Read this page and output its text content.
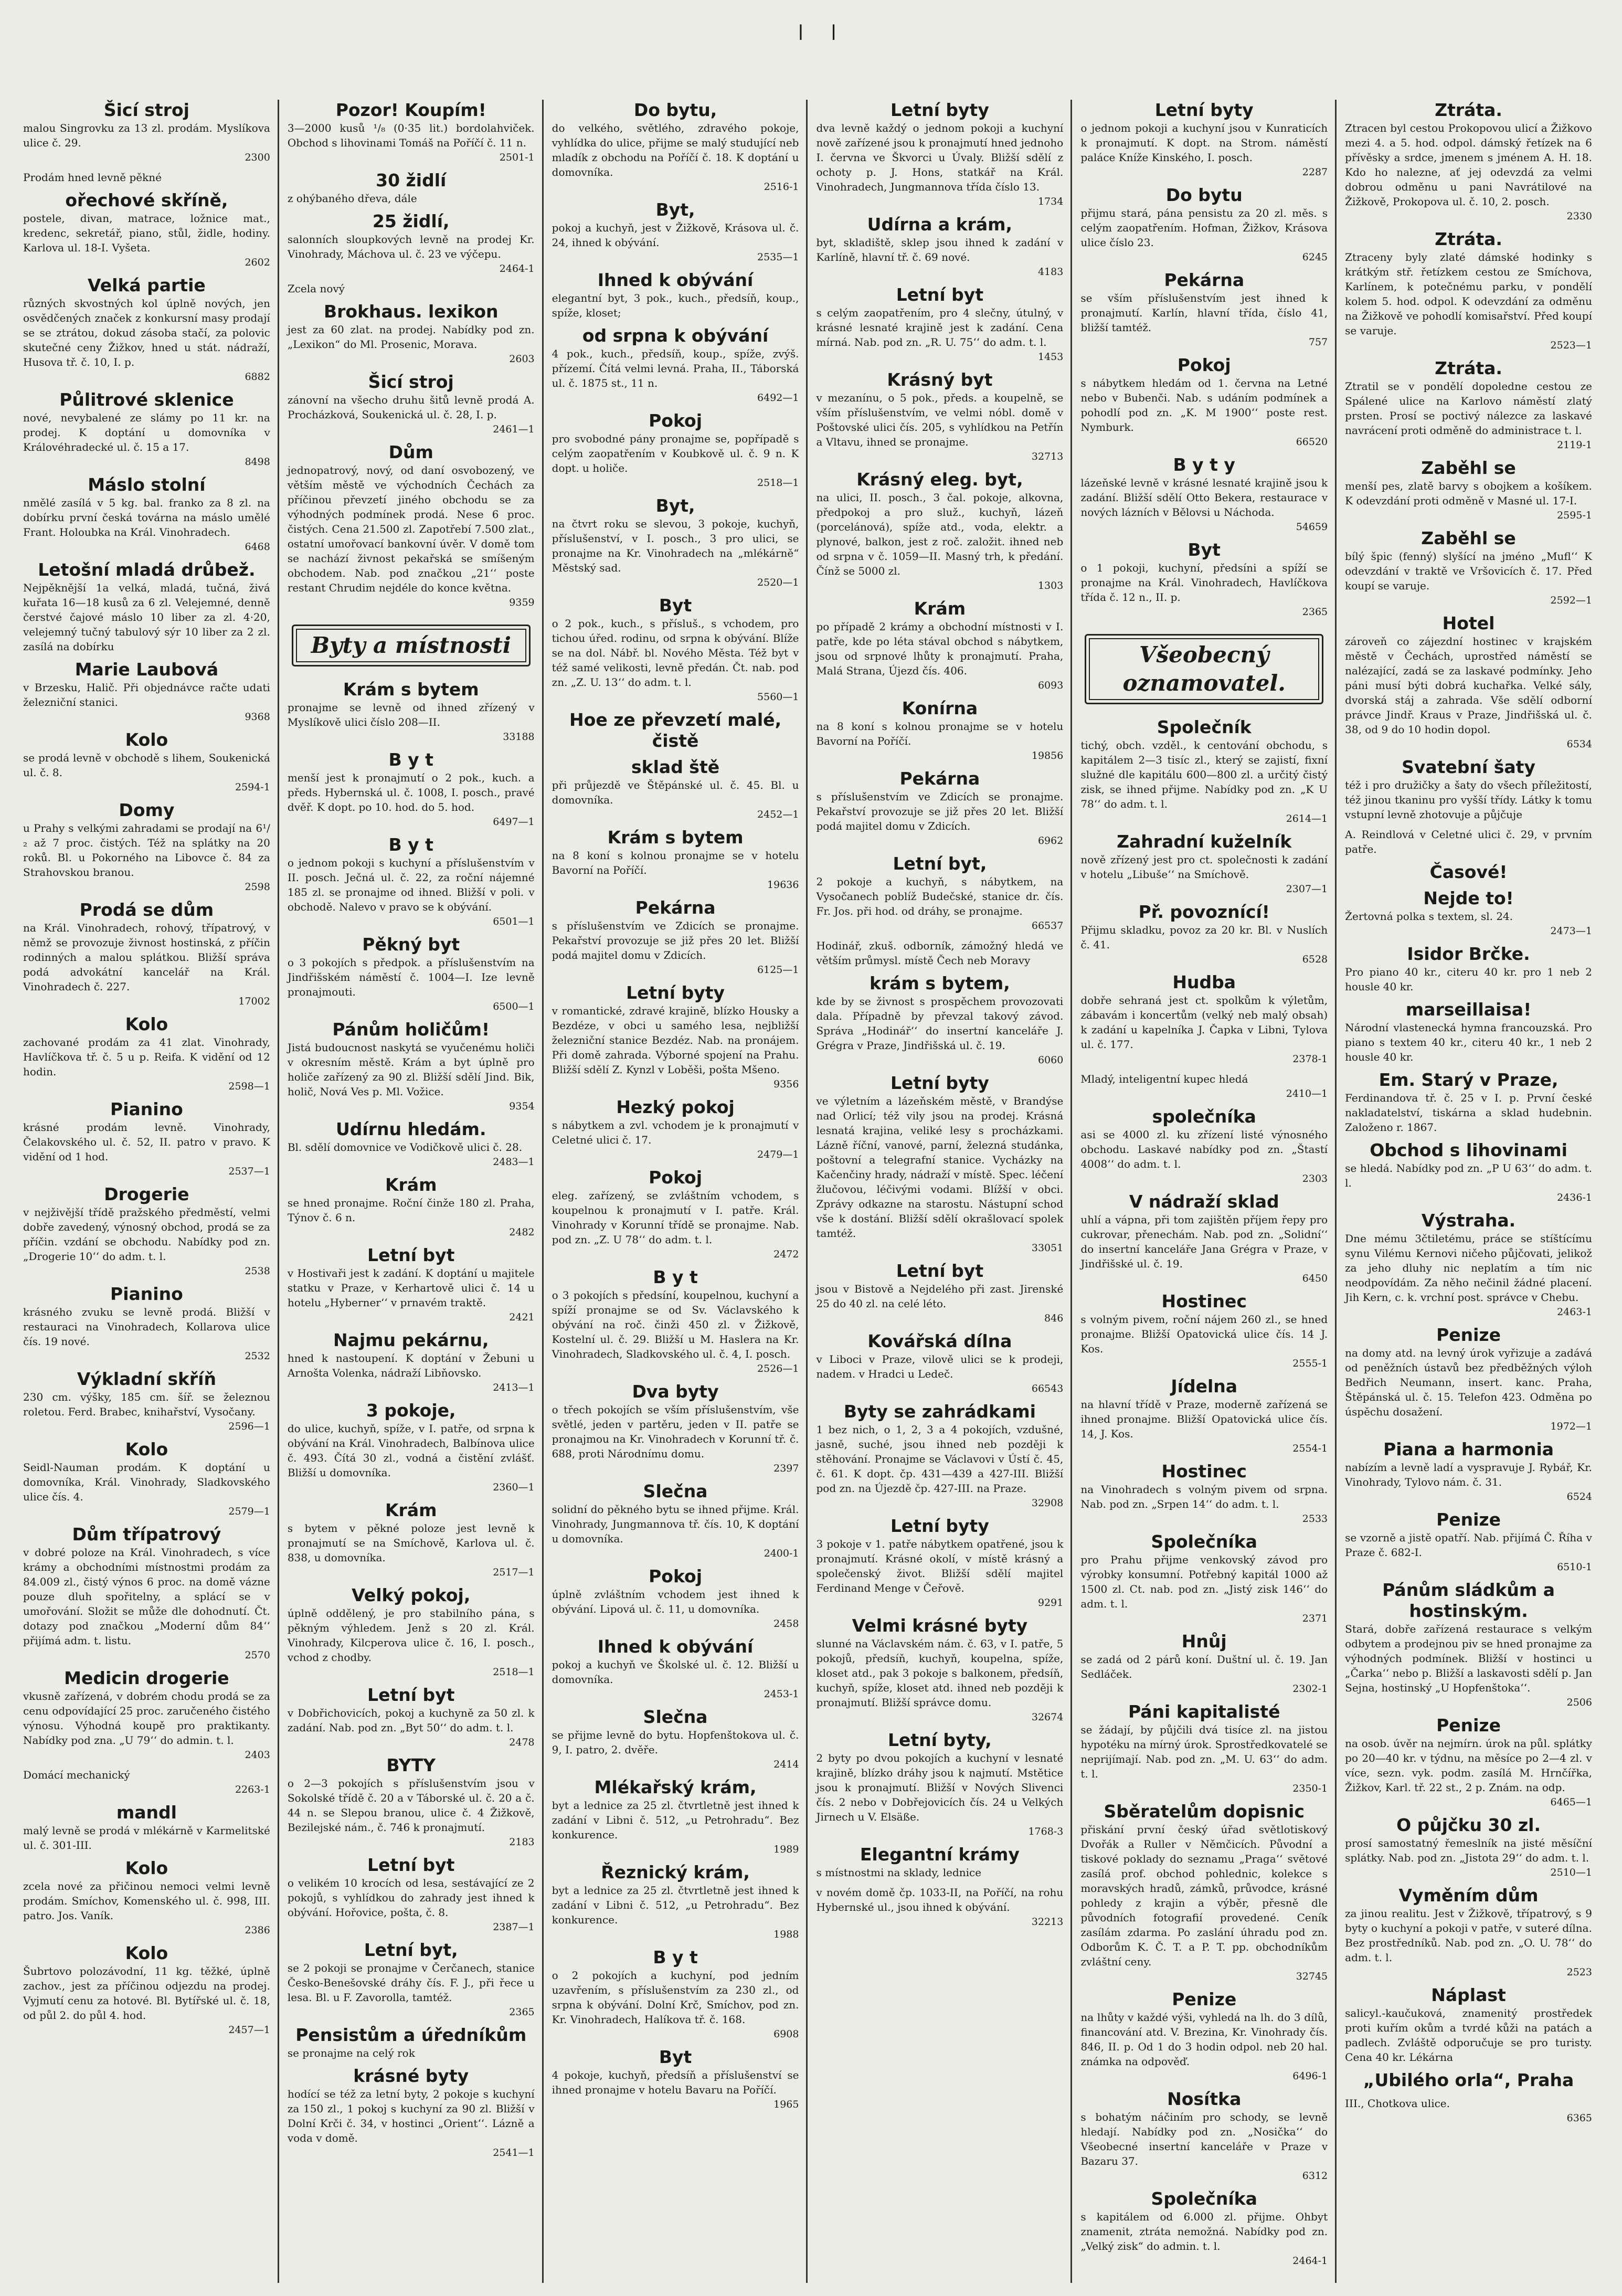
ǀ    ǀ
Šicí stroj
malou Singrovku za 13 zl. prodám. Myslíkova ulice č. 29.
2300
Prodám hned levně pěkné
ořechové skříně,
postele, divan, matrace, ložnice mat., kredenc, sekretář, piano, stůl, židle, hodiny. Karlova ul. 18-I. Vyšeta.
2602
Velká partie
různých skvostných kol úplně nových, jen osvědčených značek z konkursní masy prodají se se ztrátou, dokud zásoba stačí, za polovic skutečné ceny Žižkov, hned u stát. nádraží, Husova tř. č. 10, I. p.
6882
Půlitrové sklenice
nové, nevybalené ze slámy po 11 kr. na prodej. K doptání u domovníka v Královéhradecké ul. č. 15 a 17.
8498
Máslo stolní
nmělé zasílá v 5 kg. bal. franko za 8 zl. na dobírku první česká továrna na máslo umělé Frant. Holoubka na Král. Vinohradech.
6468
Letošní mladá drůbež.
Nejpěknější 1a velká, mladá, tučná, živá kuřata 16—18 kusů za 6 zl. Velejemné, denně čerstvé čajové máslo 10 liber za zl. 4·20, velejemný tučný tabulový sýr 10 liber za 2 zl. zasílá na dobírku
Marie Laubová
v Brzesku, Halič. Při objednávce račte udati železniční stanici.
9368
Kolo
se prodá levně v obchodě s lihem, Soukenická ul. č. 8.
2594-1
Domy
u Prahy s velkými zahradami se prodají na 6¹/₂ až 7 proc. čistých. Též na splátky na 20 roků. Bl. u Pokorného na Libovce č. 84 za Strahovskou branou.
2598
Prodá se dům
na Král. Vinohradech, rohový, třípatrový, v němž se provozuje živnost hostinská, z příčin rodinných a malou splátkou. Bližší správa podá advokátní kancelář na Král. Vinohradech č. 227.
17002
Kolo
zachované prodám za 41 zlat. Vinohrady, Havlíčkova tř. č. 5 u p. Reifa. K vidění od 12 hodin.
2598—1
Pianino
krásné prodám levně. Vinohrady, Čelakovského ul. č. 52, II. patro v pravo. K vidění od 1 hod.
2537—1
Drogerie
v nejživější třídě pražského předměstí, velmi dobře zavedený, výnosný obchod, prodá se za příčin. vzdání se obchodu. Nabídky pod zn. „Drogerie 10ʻʻ do adm. t. l.
2538
Pianino
krásného zvuku se levně prodá. Bližší v restauraci na Vinohradech, Kollarova ulice čís. 19 nové.
2532
Výkladní skříň
230 cm. výšky, 185 cm. šíř. se železnou roletou. Ferd. Brabec, knihařství, Vysočany.
2596—1
Kolo
Seidl-Nauman prodám. K doptání u domovníka, Král. Vinohrady, Sladkovského ulice čís. 4.
2579—1
Dům třípatrový
v dobré poloze na Král. Vinohradech, s více krámy a obchodními místnostmi prodám za 84.009 zl., čistý výnos 6 proc. na domě vázne pouze dluh spořitelny, a splácí se v umořování. Složit se může dle dohodnutí. Čt. dotazy pod značkou „Moderní dům 84ʻʻ přijímá adm. t. listu.
2570
Medicin drogerie
vkusně zařízená, v dobrém chodu prodá se za cenu odpovídající 25 proc. zaručeného čistého výnosu. Výhodná koupě pro praktikanty. Nabídky pod zna. „U 79ʻʻ do admin. t. l.
2403
Domácí mechanický
2263-1
mandl
malý levně se prodá v mlékárně v Karmelitské ul. č. 301-III.
Kolo
zcela nové za přičinou nemoci velmi levně prodám. Smíchov, Komenského ul. č. 998, III. patro. Jos. Vaník.
2386
Kolo
Šubrtovo polozávodní, 11 kg. těžké, úplně zachov., jest za příčinou odjezdu na prodej. Vyjmutí cenu za hotové. Bl. Bytířské ul. č. 18, od půl 2. do půl 4. hod.
2457—1
Pozor! Koupím!
3—2000 kusů ¹/₈ (0·35 lit.) bordolahviček. Obchod s lihovinami Tomáš na Poříčí č. 11 n.
2501-1
30 židlí
z ohýbaného dřeva, dále
25 židlí,
salonních sloupkových levně na prodej Kr. Vinohrady, Máchova ul. č. 23 ve výčepu.
2464-1
Zcela nový
Brokhaus. lexikon
jest za 60 zlat. na prodej. Nabídky pod zn. „Lexikon“ do Ml. Prosenic, Morava.
2603
Šicí stroj
zánovní na všecho druhu šitů levně prodá A. Procházková, Soukenická ul. č. 28, I. p.
2461—1
Dům
jednopatrový, nový, od daní osvobozený, ve větším městě ve východních Čechách za příčinou převzetí jiného obchodu se za výhodných podmínek prodá. Nese 6 proc. čistých. Cena 21.500 zl. Zapotřebí 7.500 zlat., ostatní umořovací bankovní úvěr. V domě tom se nachází živnost pekařská se smíšeným obchodem. Nab. pod značkou „21ʻʻ poste restant Chrudim nejdéle do konce května.
9359
Byty a místnosti
Krám s bytem
pronajme se levně od ihned zřízený v Myslíkově ulici číslo 208—II.
33188
B y t
menší jest k pronajmutí o 2 pok., kuch. a předs. Hybernská ul. č. 1008, I. posch., pravé dvěř. K dopt. po 10. hod. do 5. hod.
6497—1
B y t
o jednom pokoji s kuchyní a příslušenstvím v II. posch. Ječná ul. č. 22, za roční nájemné 185 zl. se pronajme od ihned. Bližší v poli. v obchodě. Nalevo v pravo se k obývání.
6501—1
Pěkný byt
o 3 pokojích s předpok. a příslušenstvím na Jindřišském náměstí č. 1004—I. Ize levně pronajmouti.
6500—1
Pánům holičům!
Jistá budoucnost naskytá se vyučenému holiči v okresním městě. Krám a byt úplně pro holiče zařízený za 90 zl. Bližší sdělí Jind. Bik, holič, Nová Ves p. Ml. Vožice.
9354
Udírnu hledám.
Bl. sdělí domovnice ve Vodičkově ulici č. 28.
2483—1
Krám
se hned pronajme. Roční činže 180 zl. Praha, Týnov č. 6 n.
2482
Letní byt
v Hostivaři jest k zadání. K doptání u majitele statku v Praze, v Kerhartově ulici č. 14 u hotelu „Hybernerʻʻ v prnavém traktě.
2421
Najmu pekárnu,
hned k nastoupení. K doptání v Žebuni u Arnošta Volenka, nádraží Libňovsko.
2413—1
3 pokoje,
do ulice, kuchyň, spíže, v I. patře, od srpna k obývání na Král. Vinohradech, Balbínova ulice č. 493. Čítá 30 zl., vodná a čistění zvlášť. Bližší u domovníka.
2360—1
Krám
s bytem v pěkné poloze jest levně k pronajmutí se na Smíchově, Karlova ul. č. 838, u domovníka.
2517—1
Velký pokoj,
úplně oddělený, je pro stabilního pána, s pěkným výhledem. Jenž s 20 zl. Král. Vinohrady, Kilcperova ulice č. 16, I. posch., vchod z chodby.
2518—1
Letní byt
v Dobřichovicích, pokoj a kuchyně za 50 zl. k zadání. Nab. pod zn. „Byt 50ʻʻ do adm. t. l.
2478
BYTY
o 2—3 pokojích s příslušenstvím jsou v Sokolské třídě č. 20 a v Táborské ul. č. 20 a č. 44 n. se Slepou branou, ulice č. 4 Žižkově, Bezilejské nám., č. 746 k pronajmutí.
2183
Letní byt
o velikém 10 krocích od lesa, sestávající ze 2 pokojů, s vyhlídkou do zahrady jest ihned k obývání. Hořovice, pošta, č. 8.
2387—1
Letní byt,
se 2 pokoji se pronajme v Čerčanech, stanice Česko-Benešovské dráhy čís. F. J., při řece u lesa. Bl. u F. Zavorolla, tamtéž.
2365
Pensistům a úředníkům
se pronajme na celý rok
krásné byty
hodící se též za letní byty, 2 pokoje s kuchyní za 150 zl., 1 pokoj s kuchyní za 90 zl. Bližší v Dolní Krči č. 34, v hostinci „Orientʻʻ. Lázně a voda v domě.
2541—1
Do bytu,
do velkého, světlého, zdravého pokoje, vyhlídka do ulice, přijme se malý studující neb mladík z obchodu na Poříčí č. 18. K doptání u domovníka.
2516-1
Byt,
pokoj a kuchyň, jest v Žižkově, Krásova ul. č. 24, ihned k obývání.
2535—1
Ihned k obývání
elegantní byt, 3 pok., kuch., předsíň, koup., spíže, kloset;
od srpna k obývání
4 pok., kuch., předsíň, koup., spíže, zvýš. přízemí. Čítá velmi levná. Praha, II., Táborská ul. č. 1875 st., 11 n.
6492—1
Pokoj
pro svobodné pány pronajme se, popřípadě s celým zaopatřením v Koubkově ul. č. 9 n. K dopt. u holiče.
2518—1
Byt,
na čtvrt roku se slevou, 3 pokoje, kuchyň, příslušenství, v I. posch., 3 pro ulici, se pronajme na Kr. Vinohradech na „mlékárně“ Městský sad.
2520—1
Byt
o 2 pok., kuch., s přísluš., s vchodem, pro tichou úřed. rodinu, od srpna k obývání. Blíže se na dol. Nábř. bl. Nového Města. Též byt v též samé velikosti, levně předán. Čt. nab. pod zn. „Z. U. 13ʻʻ do adm. t. l.
5560—1
Hoe ze převzetí malé, čistě
sklad ště
při průjezdě ve Štěpánské ul. č. 45. Bl. u domovníka.
2452—1
Krám s bytem
na 8 koní s kolnou pronajme se v hotelu Bavorní na Poříčí.
19636
Pekárna
s příslušenstvím ve Zdicích se pronajme. Pekařství provozuje se již přes 20 let. Bližší podá majitel domu v Zdicích.
6125—1
Letní byty
v romantické, zdravé krajině, blízko Housky a Bezdéze, v obci u samého lesa, nejbližší železniční stanice Bezdéz. Nab. na pronájem. Při domě zahrada. Výborné spojení na Prahu. Bližší sdělí Z. Kynzl v Loběši, pošta Mšeno.
9356
Hezký pokoj
s nábytkem a zvl. vchodem je k pronajmutí v Celetné ulici č. 17.
2479—1
Pokoj
eleg. zařízený, se zvláštním vchodem, s koupelnou k pronajmutí v I. patře. Král. Vinohrady v Korunní třídě se pronajme. Nab. pod zn. „Z. U 78ʻʻ do adm. t. l.
2472
B y t
o 3 pokojích s předsíní, koupelnou, kuchyní a spíží pronajme se od Sv. Václavského k obývání na roč. činži 450 zl. v Žižkově, Kostelní ul. č. 29. Bližší u M. Haslera na Kr. Vinohradech, Sladkovského ul. č. 4, I. posch.
2526—1
Dva byty
o třech pokojích se vším příslušenstvím, vše světlé, jeden v partěru, jeden v II. patře se pronajmou na Kr. Vinohradech v Korunní tř. č. 688, proti Národnímu domu.
2397
Slečna
solidní do pěkného bytu se ihned přijme. Král. Vinohrady, Jungmannova tř. čís. 10, K doptání u domovníka.
2400-1
Pokoj
úplně zvláštním vchodem jest ihned k obývání. Lipová ul. č. 11, u domovníka.
2458
Ihned k obývání
pokoj a kuchyň ve Školské ul. č. 12. Bližší u domovníka.
2453-1
Slečna
se přijme levně do bytu. Hopfenštokova ul. č. 9, I. patro, 2. dvěře.
2414
Mlékařský krám,
byt a lednice za 25 zl. čtvrtletně jest ihned k zadání v Libni č. 512, „u Petrohradu“. Bez konkurence.
1989
Řeznický krám,
byt a lednice za 25 zl. čtvrtletně jest ihned k zadání v Libni č. 512, „u Petrohradu“. Bez konkurence.
1988
B y t
o 2 pokojích a kuchyní, pod jedním uzavřením, s příslušenstvím za 230 zl., od srpna k obývání. Dolní Krč, Smíchov, pod zn. Kr. Vinohradech, Halíkova tř. č. 168.
6908
Byt
4 pokoje, kuchyň, předsíň a příslušenství se ihned pronajme v hotelu Bavaru na Poříčí.
1965
Letní byty
dva levně každý o jednom pokoji a kuchyní nově zařízené jsou k pronajmutí hned jednoho I. června ve Škvorci u Úvaly. Bližší sdělí z ochoty p. J. Hons, statkář na Král. Vinohradech, Jungmannova třída číslo 13.
1734
Udírna a krám,
byt, skladiště, sklep jsou ihned k zadání v Karlíně, hlavní tř. č. 69 nové.
4183
Letní byt
s celým zaopatřením, pro 4 slečny, útulný, v krásné lesnaté krajině jest k zadání. Cena mírná. Nab. pod zn. „R. U. 75ʻʻ do adm. t. l.
1453
Krásný byt
v mezanínu, o 5 pok., předs. a koupelně, se vším příslušenstvím, ve velmi nóbl. domě v Poštovské ulici čís. 205, s vyhlídkou na Petřín a Vltavu, ihned se pronajme.
32713
Krásný eleg. byt,
na ulici, II. posch., 3 čal. pokoje, alkovna, předpokoj a pro služ., kuchyň, lázeň (porcelánová), spíže atd., voda, elektr. a plynové, balkon, jest z roč. založit. ihned neb od srpna v č. 1059—II. Masný trh, k předání. Čínž se 5000 zl.
1303
Krám
po případě 2 krámy a obchodní místnosti v I. patře, kde po léta stával obchod s nábytkem, jsou od srpnové lhůty k pronajmutí. Praha, Malá Strana, Újezd čís. 406.
6093
Konírna
na 8 koní s kolnou pronajme se v hotelu Bavorní na Poříčí.
19856
Pekárna
s příslušenstvím ve Zdicích se pronajme. Pekařství provozuje se již přes 20 let. Bližší podá majitel domu v Zdicích.
6962
Letní byt,
2 pokoje a kuchyň, s nábytkem, na Vysočanech poblíž Budečské, stanice dr. čís. Fr. Jos. při hod. od dráhy, se pronajme.
66537
Hodinář, zkuš. odborník, zámožný hledá ve větším průmysl. místě Čech neb Moravy
krám s bytem,
kde by se živnost s prospěchem provozovati dala. Případně by převzal takový závod. Správa „Hodinářʻʻ do insertní kanceláře J. Grégra v Praze, Jindřišská ul. č. 19.
6060
Letní byty
ve výletním a lázeňském městě, v Brandýse nad Orlicí; též vily jsou na prodej. Krásná lesnatá krajina, veliké lesy s procházkami. Lázně říční, vanové, parní, železná studánka, poštovní a telegrafní stanice. Vycházky na Kačenčiny hrady, nádraží v místě. Spec. léčení žlučovou, léčivými vodami. Blížší v obci. Zprávy odkazne na starostu. Nástupní schod vše k dostání. Bližší sdělí okrašlovací spolek tamtéž.
33051
Letní byt
jsou v Bistově a Nejdelého při zast. Jirenské 25 do 40 zl. na celé léto.
846
Kovářská dílna
v Liboci v Praze, vilově ulici se k prodeji, nadem. v Hradci u Ledeč.
66543
Byty se zahrádkami
1 bez nich, o 1, 2, 3 a 4 pokojích, vzdušné, jasně, suché, jsou ihned neb později k stěhování. Pronajme se Václavovi v Ústí č. 45, č. 61. K dopt. čp. 431—439 a 427-III. Bližší pod zn. na Újezdě čp. 427-III. na Praze.
32908
Letní byty
3 pokoje v 1. patře nábytkem opatřené, jsou k pronajmutí. Krásné okolí, v místě krásný a společenský život. Bližší sdělí majitel Ferdinand Menge v Čeřově.
9291
Velmi krásné byty
slunné na Václavském nám. č. 63, v I. patře, 5 pokojů, předsíň, kuchyň, koupelna, spíže, kloset atd., pak 3 pokoje s balkonem, předsíň, kuchyň, spíže, kloset atd. ihned neb později k pronajmutí. Bližší správce domu.
32674
Letní byty,
2 byty po dvou pokojích a kuchyní v lesnaté krajině, blízko dráhy jsou k najmutí. Mstětice jsou k pronajmutí. Bližší v Nových Slivenci čís. 2 nebo v Dobřejovicích čís. 24 u Velkých Jirnech u V. Elsäße.
1768-3
Elegantní krámy
s místnostmi na sklady, lednice
v novém domě čp. 1033-II, na Poříčí, na rohu Hybernské ul., jsou ihned k obývání.
32213
Letní byty
o jednom pokoji a kuchyní jsou v Kunraticích k pronajmutí. K dopt. na Strom. náměstí paláce Kníže Kinského, I. posch.
2287
Do bytu
přijmu stará, pána pensistu za 20 zl. měs. s celým zaopatřením. Hofman, Žižkov, Krásova ulice číslo 23.
6245
Pekárna
se vším příslušenstvím jest ihned k pronajmutí. Karlín, hlavní třída, číslo 41, bližší tamtéž.
757
Pokoj
s nábytkem hledám od 1. června na Letné nebo v Bubenči. Nab. s udáním podmínek a pohodlí pod zn. „K. M 1900ʻʻ poste rest. Nymburk.
66520
B y t y
lázeňské levně v krásné lesnaté krajině jsou k zadání. Bližší sdělí Otto Bekera, restaurace v nových lázních v Bělovsi u Náchoda.
54659
Byt
o 1 pokoji, kuchyní, předsíni a spíží se pronajme na Král. Vinohradech, Havlíčkova třída č. 12 n., II. p.
2365
Všeobecný oznamovatel.
Společník
tichý, obch. vzděl., k centování obchodu, s kapitálem 2—3 tisíc zl., který se zajistí, fixní služné dle kapitálu 600—800 zl. a určitý čistý zisk, se ihned přijme. Nabídky pod zn. „K U 78ʻʻ do adm. t. l.
2614—1
Zahradní kuželník
nově zřízený jest pro ct. společnosti k zadání v hotelu „Libušeʻʻ na Smíchově.
2307—1
Př. povoznící!
Přijmu skladku, povoz za 20 kr. Bl. v Nuslích č. 41.
6528
Hudba
dobře sehraná jest ct. spolkům k výletům, zábavám i koncertům (velký neb malý obsah) k zadání u kapelníka J. Čapka v Libni, Tylova ul. č. 177.
2378-1
Mladý, inteligentní kupec hledá
2410—1
společníka
asi se 4000 zl. ku zřízení listé výnosného obchodu. Laskavé nabídky pod zn. „Štastí 4008ʻʻ do adm. t. l.
2303
V nádraží sklad
uhlí a vápna, při tom zajištěn příjem řepy pro cukrovar, přenechám. Nab. pod zn. „Solidníʻʻ do insertní kanceláře Jana Grégra v Praze, v Jindřišské ul. č. 19.
6450
Hostinec
s volným pivem, roční nájem 260 zl., se hned pronajme. Bližší Opatovická ulice čís. 14 J. Kos.
2555-1
Jídelna
na hlavní třídě v Praze, moderně zařízená se ihned pronajme. Bližší Opatovická ulice čís. 14, J. Kos.
2554-1
Hostinec
na Vinohradech s volným pivem od srpna. Nab. pod zn. „Srpen 14ʻʻ do adm. t. l.
2533
Společníka
pro Prahu přijme venkovský závod pro výrobky konsumní. Potřebný kapitál 1000 až 1500 zl. Ct. nab. pod zn. „Jistý zisk 146ʻʻ do adm. t. l.
2371
Hnůj
se zadá od 2 párů koní. Duštní ul. č. 19. Jan Sedláček.
2302-1
Páni kapitalisté
se žádají, by půjčili dvá tisíce zl. na jistou hypotéku na mírný úrok. Sprostředkovatelé se neprijímají. Nab. pod zn. „M. U. 63ʻʻ do adm. t. l.
2350-1
Sběratelům dopisnic
přiskání první český úřad světlotiskový Dvořák a Ruller v Němčicích. Původní a tiskové poklady do seznamu „Pragaʻʻ světové zasílá prof. obchod pohlednic, kolekce s moravských hradů, zámků, průvodce, krásné pohledy z krajin a výběr, přesně dle původních fotografií provedené. Ceník zasílám zdarma. Po zaslání úhradu pod zn. Odborům K. Č. T. a P. T. pp. obchodníkům zvláštní ceny.
32745
Penize
na lhůty v každé výši, vyhledá na lh. do 3 dílů, financování atd. V. Brezina, Kr. Vinohrady čís. 846, II. p. Od 1 do 3 hodin odpol. neb 20 hal. známka na odpověď.
6496-1
Nosítka
s bohatým náčiním pro schody, se levně hledají. Nabídky pod zn. „Nosičkaʻʻ do Všeobecné insertní kanceláře v Praze v Bazaru 37.
6312
Společníka
s kapitálem od 6.000 zl. přijme. Ohbyt znamenit, ztráta nemožná. Nabídky pod zn. „Velký zisk“ do admin. t. l.
2464-1
Ztráta.
Ztracen byl cestou Prokopovou ulicí a Žižkovo mezi 4. a 5. hod. odpol. dámský řetízek na 6 přívěsky a srdce, jmenem s jménem A. H. 18. Kdo ho nalezne, ať jej odevzdá za velmi dobrou odměnu u pani Navrátilové na Žižkově, Prokopova ul. č. 10, 2. posch.
2330
Ztráta.
Ztraceny byly zlaté dámské hodinky s krátkým stř. řetízkem cestou ze Smíchova, Karlínem, k potečnému parku, v pondělí kolem 5. hod. odpol. K odevzdání za odměnu na Žižkově ve pohodlí komisařství. Před koupí se varuje.
2523—1
Ztráta.
Ztratil se v pondělí dopoledne cestou ze Spálené ulice na Karlovo náměstí zlatý prsten. Prosí se poctivý nálezce za laskavé navrácení proti odměně do administrace t. l.
2119-1
Zaběhl se
menší pes, zlatě barvy s obojkem a košíkem. K odevzdání proti odměně v Masné ul. 17-I.
2595-1
Zaběhl se
bílý špic (fenný) slyšící na jméno „Muflʻʻ K odevzdání v traktě ve Vršovicích č. 17. Před koupí se varuje.
2592—1
Hotel
zároveň co zájezdní hostinec v krajském městě v Čechách, uprostřed náměstí se nalézající, zadá se za laskavé podmínky. Jeho páni musí býti dobrá kuchařka. Velké sály, dvorská stáj a zahrada. Vše sdělí odborní právce Jindř. Kraus v Praze, Jindřišská ul. č. 38, od 9 do 10 hodin dopol.
6534
Svatební šaty
též i pro družičky a šaty do všech příležitostí, též jinou tkaninu pro vyšší třídy. Látky k tomu vstupní levně zhotovuje a půjčuje
A. Reindlová v Celetné ulici č. 29, v prvním patře.
Časové!
Nejde to!
Žertovná polka s textem, sl. 24.
2473—1
Isidor Brčke.
Pro piano 40 kr., citeru 40 kr. pro 1 neb 2 housle 40 kr.
marseillaisa!
Národní vlastenecká hymna francouzská. Pro piano s textem 40 kr., citeru 40 kr., 1 neb 2 housle 40 kr.
Em. Starý v Praze,
Ferdinandova tř. č. 25 v I. p. První české nakladatelství, tiskárna a sklad hudebnin. Založeno r. 1867.
Obchod s lihovinami
se hledá. Nabídky pod zn. „P U 63ʻʻ do adm. t. l.
2436-1
Výstraha.
Dne mému 3čtiletému, práce se stíštícímu synu Vilému Kernovi ničeho půjčovati, jelikož za jeho dluhy nic neplatím a tím nic neodpovídám. Za něho nečinil žádné placení. Jih Kern, c. k. vrchní post. správce v Chebu.
2463-1
Penize
na domy atd. na levný úrok vyřizuje a zadává od peněžních ústavů bez předběžných výloh Bedřich Neumann, insert. kanc. Praha, Štěpánská ul. č. 15. Telefon 423. Odměna po úspěchu dosažení.
1972—1
Piana a harmonia
nabízím a levně ladí a vyspravuje J. Rybář, Kr. Vinohrady, Tylovo nám. č. 31.
6524
Penize
se vzorně a jistě opatří. Nab. přijímá Č. Říha v Praze č. 682-I.
6510-1
Pánům sládkům a hostinským.
Stará, dobře zařízená restaurace s velkým odbytem a prodejnou piv se hned pronajme za výhodných podmínek. Bližší v hostinci u „Čarkaʻʻ nebo p. Bližší a laskavosti sdělí p. Jan Sejna, hostinský „U Hopfenštokaʻʻ.
2506
Penize
na osob. úvěr na nejmírn. úrok na půl. splátky po 20—40 kr. v týdnu, na měsíce po 2—4 zl. v více, sezn. vyk. podm. zasílá M. Hrnčířka, Žižkov, Karl. tř. 22 st., 2 p. Znám. na odp.
6465—1
O půjčku 30 zl.
prosí samostatný řemeslník na jisté měsíční splátky. Nab. pod zn. „Jistota 29ʻʻ do adm. t. l.
2510—1
Vyměním dům
za jinou realitu. Jest v Žižkově, třípatrový, s 9 byty o kuchyní a pokoji v patře, v suteré dílna. Bez prostředníků. Nab. pod zn. „O. U. 78ʻʻ do adm. t. l.
2523
Náplast
salicyl.-kaučuková, znamenitý prostředek proti kuřím okům a tvrdé kůži na patách a padlech. Zvláště odporučuje se pro turisty. Cena 40 kr. Lékárna
„Ubilého orla“, Praha
III., Chotkova ulice.
6365
